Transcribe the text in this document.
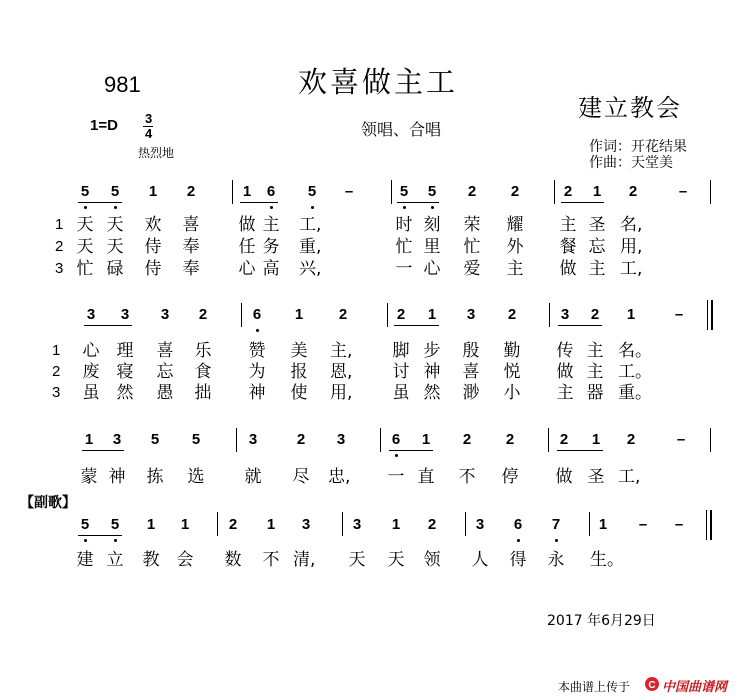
981	欢喜做主工
建立教会
1=D 3
4
热烈地
领唱、合唱
作词：开花结果
作曲：天堂美
5 5 1 2	1 6 5 –	5 5 2 2	2 1 2	–
1
2
3
天 天 欢 喜 做 主 工,	时 刻 荣 耀 主 圣 名,
天 天 侍 奉 任 务 重,	忙 里 忙 外 餐 忘 用,
忙 碌 侍 奉 心 高 兴,	一 心 爱 主 做 主 工,
3 3 3 2	6 1 2	2 1 3 2	3 2 1	–
1
2
3
心 理 喜 乐 赞 美 主,	脚 步 殷 勤 传 主 名。
废 寝 忘 食 为 报 恩,	讨 神 喜 悦 做 主 工。
虽 然 愚 拙 神 使 用,	虽 然 渺 小 主 器 重。
1 3 5 5	3	2 3	6 1 2 2	2 1 2	–
蒙 神 拣 选 就 尽 忠,	一 直 不 停 做 圣 工,
【副歌】
5 5 1 1	2 1 3	3 1 2	3 6 7	1 – –
建 立 教 会 数 不 清,	天 天 领 人 得 永 生。
2017 年6月29日
本曲谱上传于 C 中国曲谱网
